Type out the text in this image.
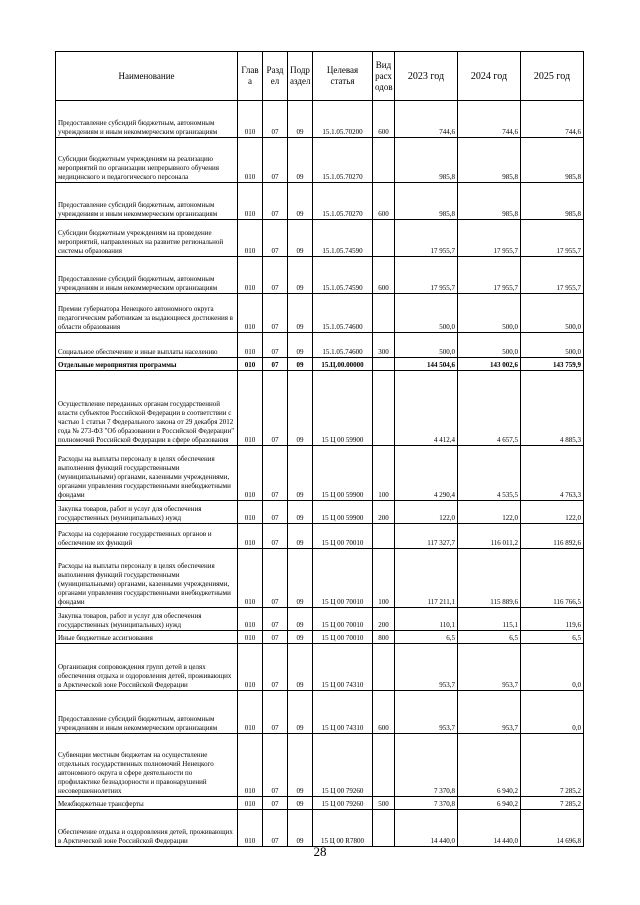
Наименование	Глав а	Разд ел	Подр аздел	Целевая статья	Вид расх одов	2023 год	2024 год	2025 год
Предоставление субсидий бюджетным, автономным учреждениям и иным некоммерческим организациям	010	07	09	15.1.05.70200	600	744,6	744,6	744,6
Субсидии бюджетным учреждениям на реализацию мероприятий по организации непрерывного обучения медицинского и педагогического персонала	010	07	09	15.1.05.70270		985,8	985,8	985,8
Предоставление субсидий бюджетным, автономным учреждениям и иным некоммерческим организациям	010	07	09	15.1.05.70270	600	985,8	985,8	985,8
Субсидии бюджетным учреждениям на проведение мероприятий, направленных на развитие региональной системы образования	010	07	09	15.1.05.74590		17 955,7	17 955,7	17 955,7
Предоставление субсидий бюджетным, автономным учреждениям и иным некоммерческим организациям	010	07	09	15.1.05.74590	600	17 955,7	17 955,7	17 955,7
Премии губернатора Ненецкого автономного округа педагогическим работникам за выдающиеся достижения в области образования	010	07	09	15.1.05.74600		500,0	500,0	500,0
Социальное обеспечение и иные выплаты населению	010	07	09	15.1.05.74600	300	500,0	500,0	500,0
Отдельные мероприятия программы	010	07	09	15.Ц.00.00000		144 504,6	143 002,6	143 759,9
Осуществление переданных органам государственной власти субъектов Российской Федерации в соответствии с частью 1 статьи 7 Федерального закона от 29 декабря 2012 года № 273-ФЗ "Об образовании в Российской Федерации" полномочий Российской Федерации в сфере образования	010	07	09	15 Ц 00 59900		4 412,4	4 657,5	4 885,3
Расходы на выплаты персоналу в целях обеспечения выполнения функций государственными (муниципальными) органами, казенными учреждениями, органами управления государственными внебюджетными фондами	010	07	09	15 Ц 00 59900	100	4 290,4	4 535,5	4 763,3
Закупка товаров, работ и услуг для обеспечения государственных (муниципальных) нужд	010	07	09	15 Ц 00 59900	200	122,0	122,0	122,0
Расходы на содержание государственных органов и обеспечение их функций	010	07	09	15 Ц 00 70010		117 327,7	116 011,2	116 892,6
Расходы на выплаты персоналу в целях обеспечения выполнения функций государственными (муниципальными) органами, казенными учреждениями, органами управления государственными внебюджетными фондами	010	07	09	15 Ц 00 70010	100	117 211,1	115 889,6	116 766,5
Закупка товаров, работ и услуг для обеспечения государственных (муниципальных) нужд	010	07	09	15 Ц 00 70010	200	110,1	115,1	119,6
Иные бюджетные ассигнования	010	07	09	15 Ц 00 70010	800	6,5	6,5	6,5
Организация сопровождения групп детей в целях обеспечения отдыха и оздоровления детей, проживающих в Арктической зоне Российской Федерации	010	07	09	15 Ц 00 74310		953,7	953,7	0,0
Предоставление субсидий бюджетным, автономным учреждениям и иным некоммерческим организациям	010	07	09	15 Ц 00 74310	600	953,7	953,7	0,0
Субвенции местным бюджетам на осуществление отдельных государственных полномочий Ненецкого автономного округа в сфере деятельности по профилактике безнадзорности и правонарушений несовершеннолетних	010	07	09	15 Ц 00 79260		7 370,8	6 940,2	7 285,2
Межбюджетные трансферты	010	07	09	15 Ц 00 79260	500	7 370,8	6 940,2	7 285,2
Обеспечение отдыха и оздоровления детей, проживающих в Арктической зоне Российской Федерации	010	07	09	15 Ц 00 R7800		14 440,0	14 440,0	14 696,8
28
